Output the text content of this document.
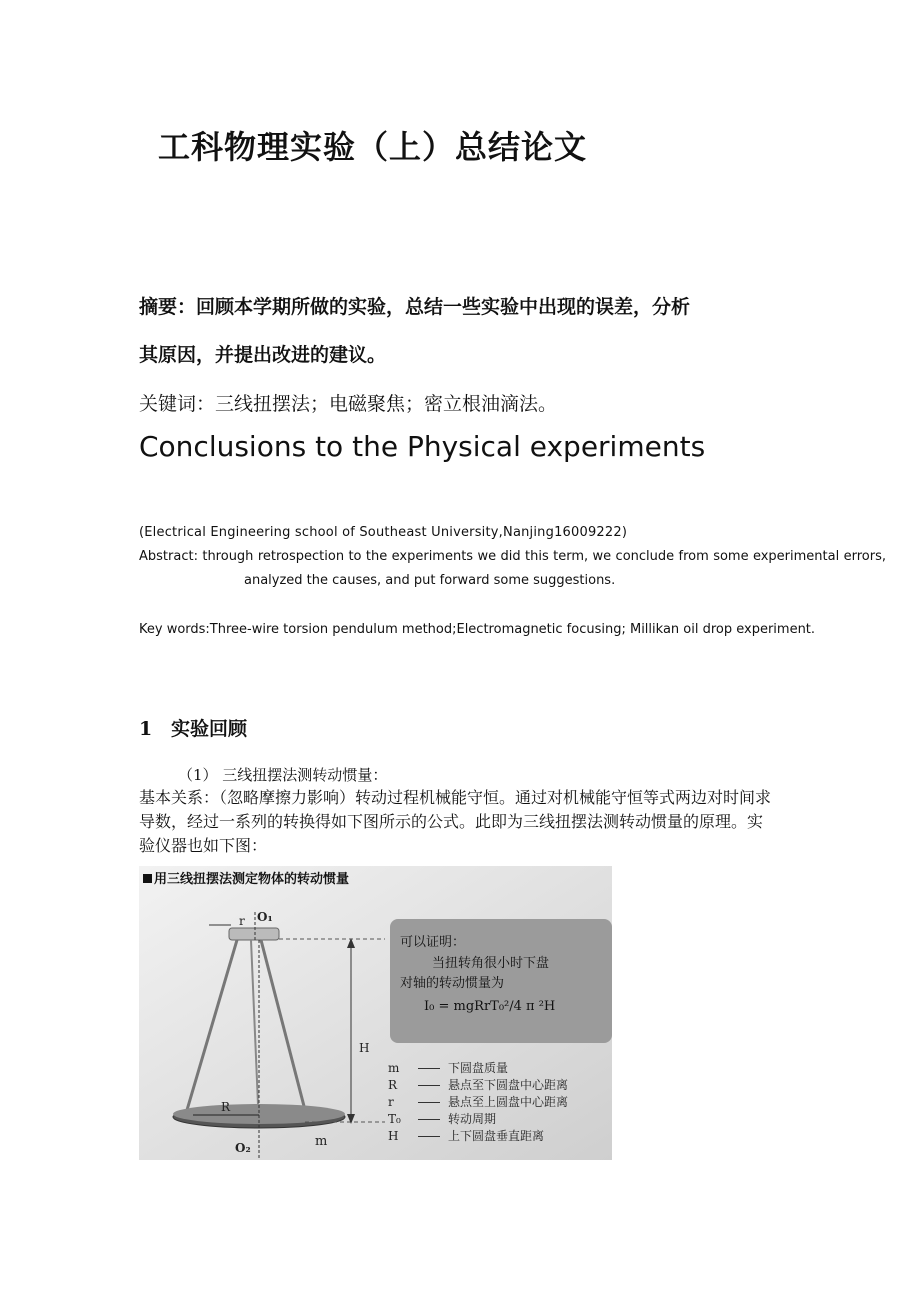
工科物理实验（上）总结论文
摘要：回顾本学期所做的实验，总结一些实验中出现的误差，分析
其原因，并提出改进的建议。
关键词：三线扭摆法；电磁聚焦；密立根油滴法。
Conclusions to the Physical experiments
(Electrical Engineering school of Southeast University,Nanjing16009222)
Abstract: through retrospection to the experiments we did this term, we conclude from some experimental errors, analyzed the causes, and put forward some suggestions.
Key words:Three-wire torsion pendulum method;Electromagnetic focusing; Millikan oil drop experiment.
1 实验回顾
（1） 三线扭摆法测转动惯量：
基本关系：（忽略摩擦力影响）转动过程机械能守恒。通过对机械能守恒等式两边对时间求导数，经过一系列的转换得如下图所示的公式。此即为三线扭摆法测转动惯量的原理。实验仪器也如下图：
用三线扭摆法测定物体的转动惯量
r O₁
H
R
O₂	m
可以证明：
当扭转角很小时下盘
对轴的转动惯量为
I₀ = mgRrT₀²/4 π ²H
m	下圆盘质量
R	悬点至下圆盘中心距离
r	悬点至上圆盘中心距离
T₀	转动周期
H	上下圆盘垂直距离
